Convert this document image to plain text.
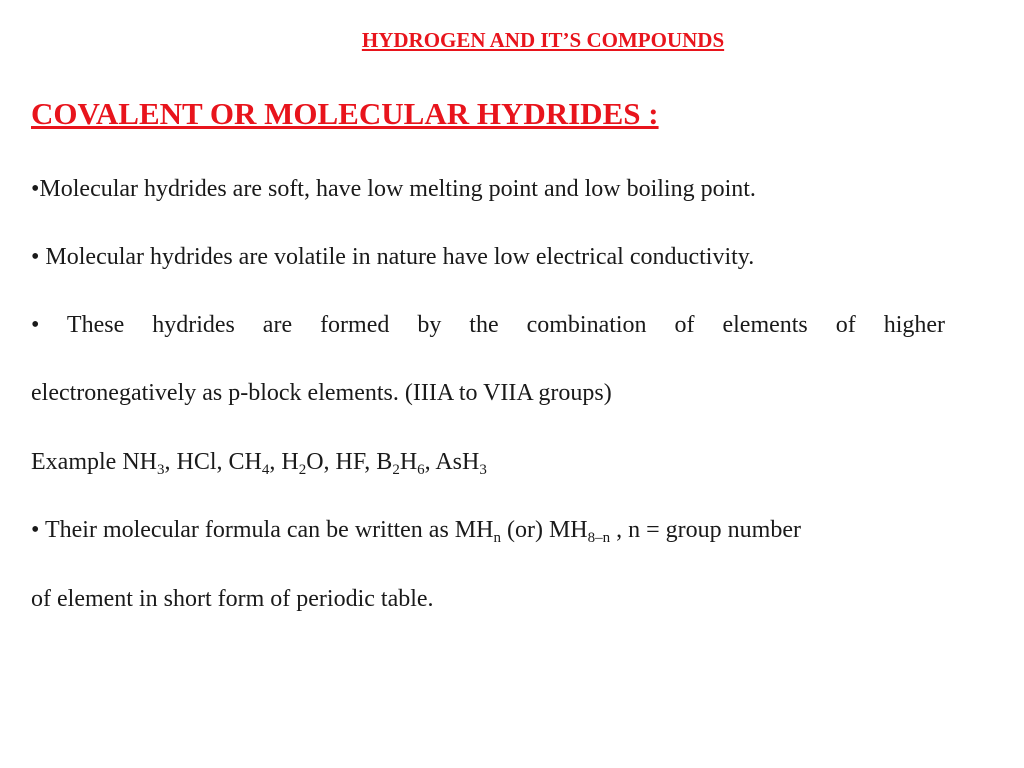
HYDROGEN AND IT’S COMPOUNDS
COVALENT OR MOLECULAR HYDRIDES :

•Molecular hydrides are soft, have low melting point and low boiling point.

• Molecular hydrides are volatile in nature have low electrical conductivity.

• These hydrides are formed by the combination of elements of higher

electronegatively as p-block elements. (IIIA to VIIA groups)

Example $NH_3$, HCl, $CH_4$, $H_2O$, HF, $B_2H_6$, AsH$_3$

• Their molecular formula can be written as $MH_n$ (or) $MH_{8-n}$ , n = group number

of element in short form of periodic table.
